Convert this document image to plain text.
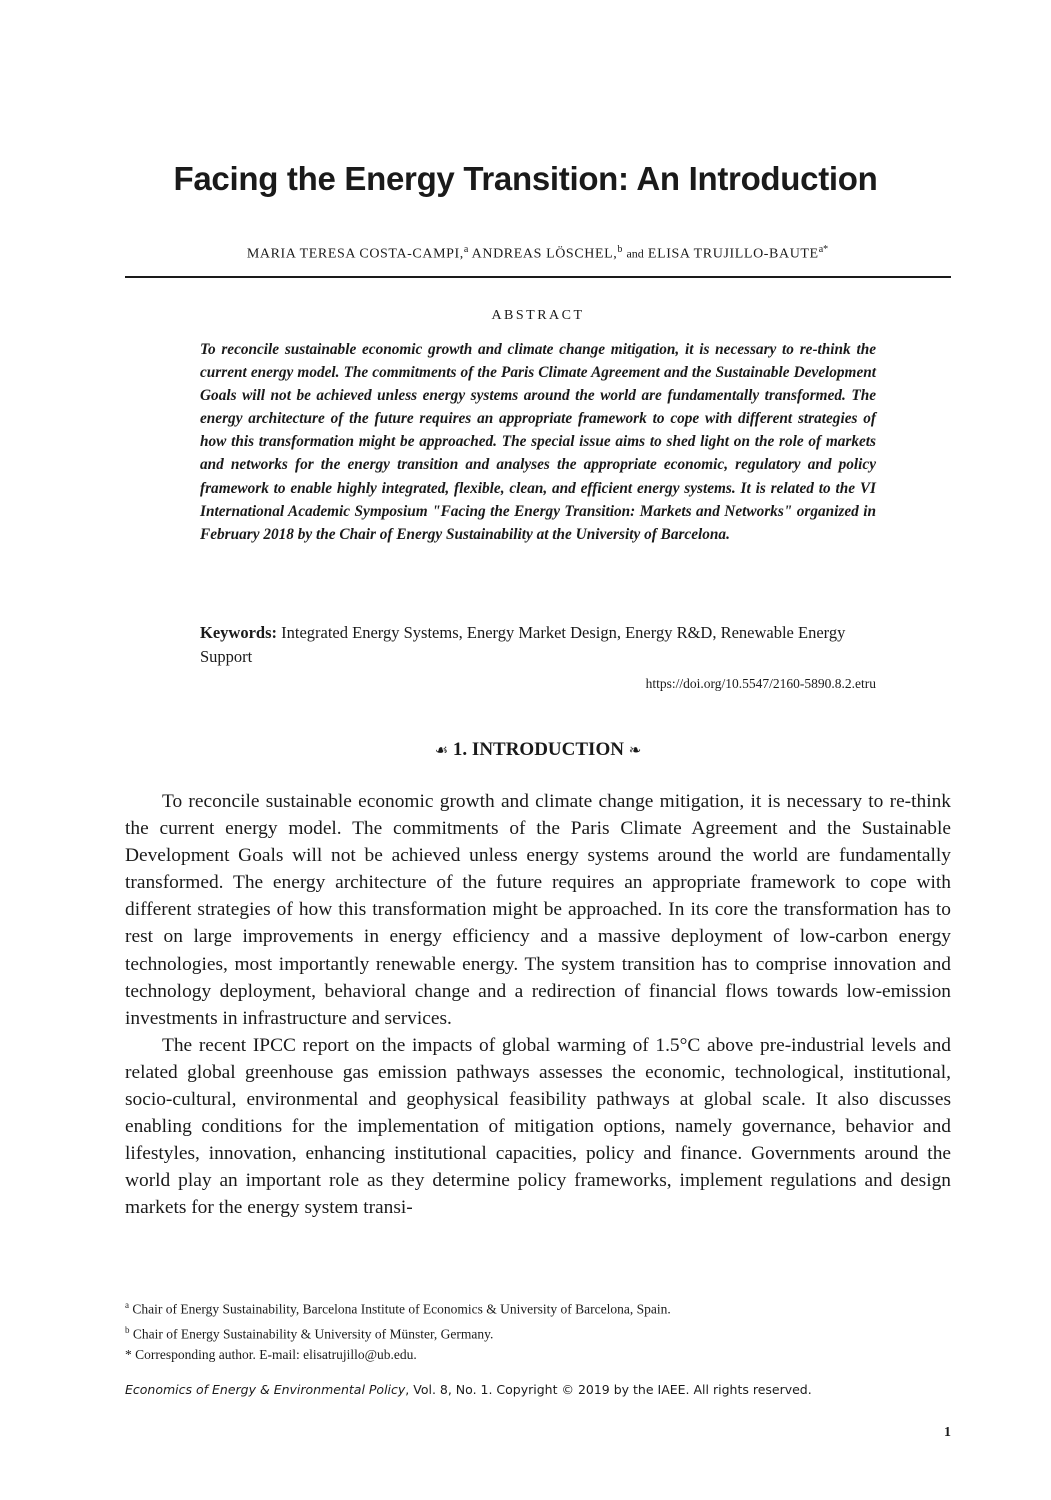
Facing the Energy Transition: An Introduction
MARIA TERESA COSTA-CAMPI,$^a$ ANDREAS LÖSCHEL,$^b$ and ELISA TRUJILLO-$BAUTE^{a*}$
ABSTRACT
To reconcile sustainable economic growth and climate change mitigation, it is necessary to re-think the current energy model. The commitments of the Paris Climate Agreement and the Sustainable Development Goals will not be achieved unless energy systems around the world are fundamentally transformed. The energy architecture of the future requires an appropriate framework to cope with different strategies of how this transformation might be approached. The special issue aims to shed light on the role of markets and networks for the energy transition and analyses the appropriate economic, regulatory and policy framework to enable highly integrated, flexible, clean, and efficient energy systems. It is related to the VI International Academic Symposium "Facing the Energy Transition: Markets and Networks" organized in February 2018 by the Chair of Energy Sustainability at the University of Barcelona.
Keywords: Integrated Energy Systems, Energy Market Design, Energy R&D, Renewable Energy Support
https://doi.org/10.5547/2160-5890.8.2.etru
☙ 1. INTRODUCTION ❧

To reconcile sustainable economic growth and climate change mitigation, it is necessary to re-think the current energy model. The commitments of the Paris Climate Agreement and the Sustainable Development Goals will not be achieved unless energy systems around the world are fundamentally transformed. The energy architecture of the future requires an appropriate framework to cope with different strategies of how this transformation might be approached. In its core the transformation has to rest on large improvements in energy efficiency and a massive deployment of low-carbon energy technologies, most importantly renewable energy. The system transition has to comprise innovation and technology deployment, behavioral change and a redirection of financial flows towards low-emission investments in infrastructure and services.

The recent IPCC report on the impacts of global warming of 1.5°C above pre-industrial levels and related global greenhouse gas emission pathways assesses the economic, technological, institutional, socio-cultural, environmental and geophysical feasibility pathways at global scale. It also discusses enabling conditions for the implementation of mitigation options, namely governance, behavior and lifestyles, innovation, enhancing institutional capacities, policy and finance. Governments around the world play an important role as they determine policy frameworks, implement regulations and design markets for the energy system transi-

$^a$ Chair of Energy Sustainability, Barcelona Institute of Economics & University of Barcelona, Spain.
$^b$ Chair of Energy Sustainability & University of Münster, Germany.
* Corresponding author. E-mail: elisatrujillo@ub.edu.
Economics of Energy & Environmental Policy, Vol. 8, No. 1. Copyright © 2019 by the IAEE. All rights reserved.
1
